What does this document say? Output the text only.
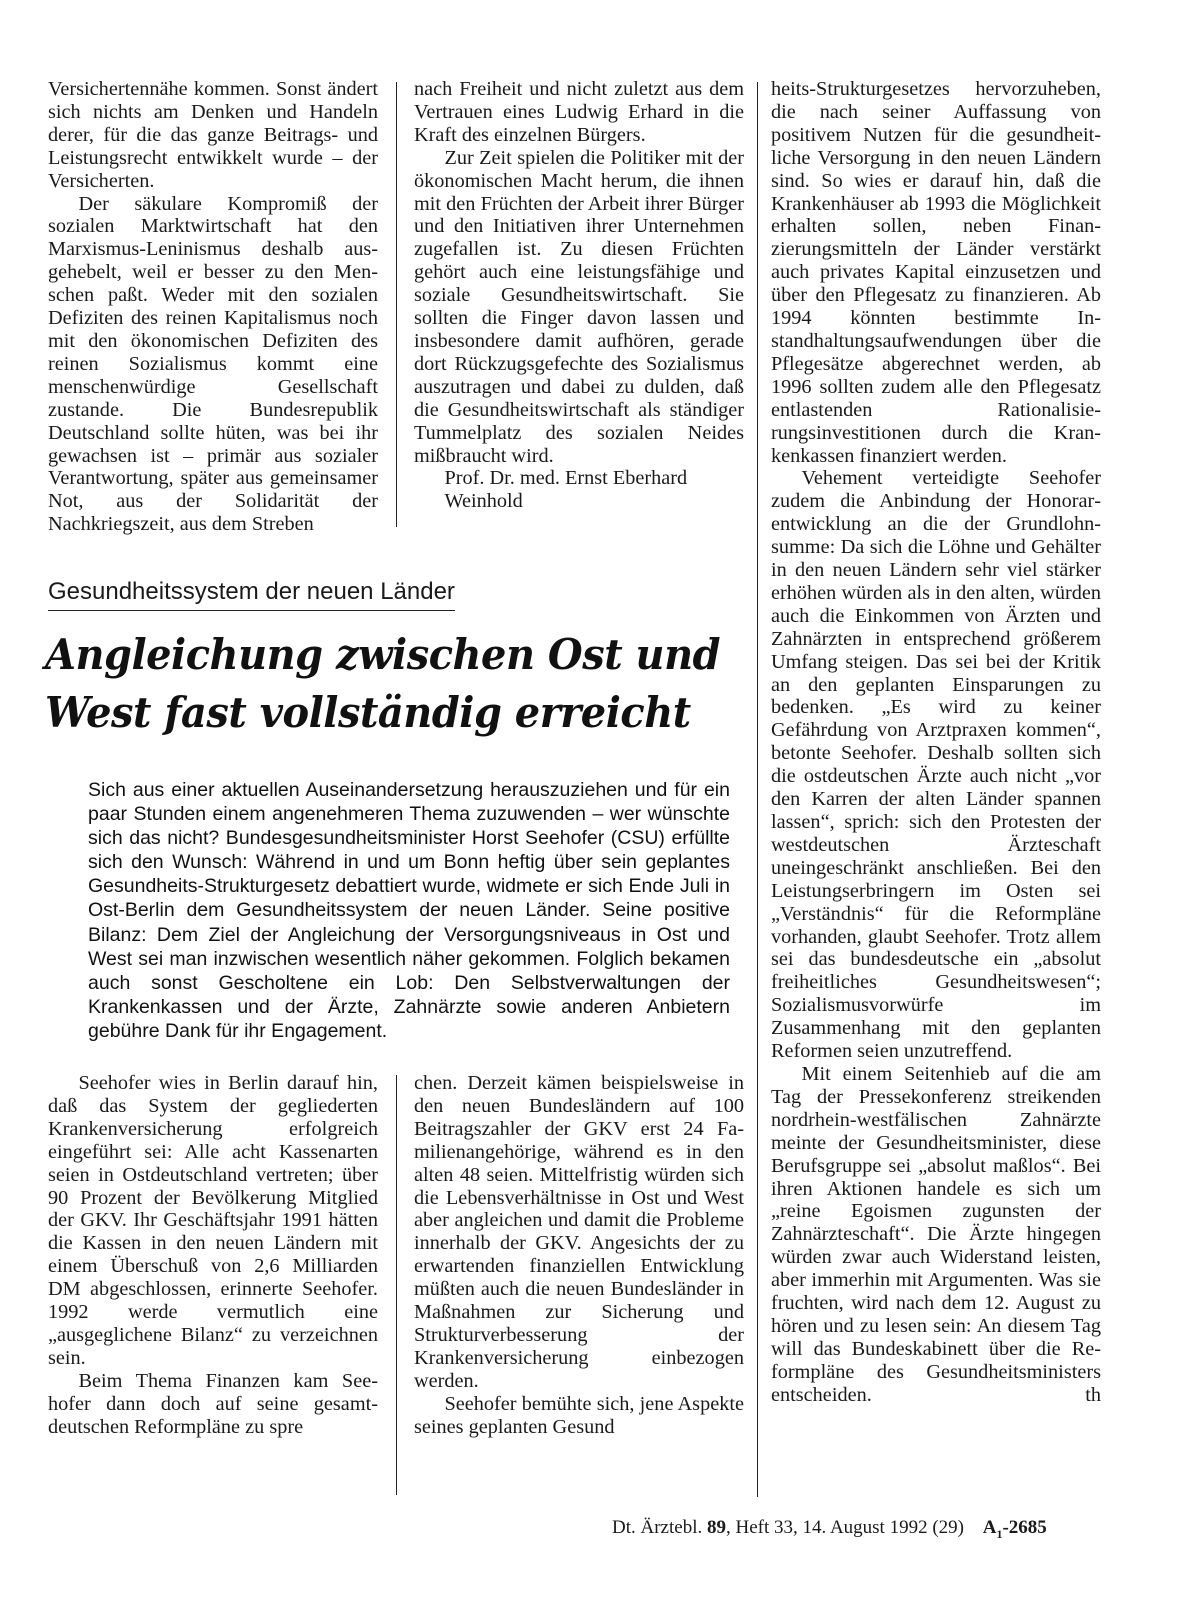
Versichertennähe kommen. Sonst ändert sich nichts am Denken und Handeln derer, für die das ganze Beitrags- und Leistungsrecht entwikkelt wurde – der Versicherten.

Der säkulare Kompromiß der sozialen Marktwirtschaft hat den Marxismus-Leninismus deshalb ausgehebelt, weil er besser zu den Menschen paßt. Weder mit den sozialen Defiziten des reinen Kapitalismus noch mit den ökonomischen Defiziten des reinen Sozialismus kommt eine menschenwürdige Gesellschaft zustande. Die Bundesrepublik Deutschland sollte hüten, was bei ihr gewachsen ist – primär aus sozialer Verantwortung, später aus gemeinsamer Not, aus der Solidarität der Nachkriegszeit, aus dem Streben

nach Freiheit und nicht zuletzt aus dem Vertrauen eines Ludwig Erhard in die Kraft des einzelnen Bürgers.

Zur Zeit spielen die Politiker mit der ökonomischen Macht herum, die ihnen mit den Früchten der Arbeit ihrer Bürger und den Initiativen ihrer Unternehmen zugefallen ist. Zu diesen Früchten gehört auch eine leistungsfähige und soziale Gesundheitswirtschaft. Sie sollten die Finger davon lassen und insbesondere damit aufhören, gerade dort Rückzugsgefechte des Sozialismus auszutragen und dabei zu dulden, daß die Gesundheitswirtschaft als ständiger Tummelplatz des sozialen Neides mißbraucht wird.

Prof. Dr. med. Ernst Eberhard

Weinhold

Gesundheitssystem der neuen Länder
Angleichung zwischen Ost und
West fast vollständig erreicht
Sich aus einer aktuellen Auseinandersetzung herauszuziehen und für ein paar Stunden einem angenehmeren Thema zuzuwenden – wer wünschte sich das nicht? Bundesgesundheitsminister Horst Seehofer (CSU) erfüllte sich den Wunsch: Während in und um Bonn heftig über sein geplantes Gesundheits-Strukturgesetz debattiert wurde, widmete er sich Ende Juli in Ost-Berlin dem Gesundheitssystem der neuen Länder. Seine positive Bilanz: Dem Ziel der Angleichung der Versorgungsniveaus in Ost und West sei man inzwischen wesentlich näher gekommen. Folglich bekamen auch sonst Gescholtene ein Lob: Den Selbstverwaltungen der Krankenkassen und der Ärzte, Zahnärzte sowie anderen Anbietern gebühre Dank für ihr Engagement.

Seehofer wies in Berlin darauf hin, daß das System der gegliederten Krankenversicherung erfolgreich eingeführt sei: Alle acht Kassenarten seien in Ostdeutschland vertreten; über 90 Prozent der Bevölkerung Mitglied der GKV. Ihr Geschäftsjahr 1991 hätten die Kassen in den neuen Ländern mit einem Überschuß von 2,6 Milliarden DM abgeschlossen, erinnerte Seehofer. 1992 werde vermutlich eine „ausgeglichene Bilanz“ zu verzeichnen sein.

Beim Thema Finanzen kam Seehofer dann doch auf seine gesamtdeutschen Reformpläne zu spre

chen. Derzeit kämen beispielsweise in den neuen Bundesländern auf 100 Beitragszahler der GKV erst 24 Familienangehörige, während es in den alten 48 seien. Mittelfristig würden sich die Lebensverhältnisse in Ost und West aber angleichen und damit die Probleme innerhalb der GKV. Angesichts der zu erwartenden finanziellen Entwicklung müßten auch die neuen Bundesländer in Maßnahmen zur Sicherung und Strukturverbesserung der Krankenversicherung einbezogen werden.

Seehofer bemühte sich, jene Aspekte seines geplanten Gesund

heits-Strukturgesetzes hervorzuheben, die nach seiner Auffassung von positivem Nutzen für die gesundheitliche Versorgung in den neuen Ländern sind. So wies er darauf hin, daß die Krankenhäuser ab 1993 die Möglichkeit erhalten sollen, neben Finanzierungsmitteln der Länder verstärkt auch privates Kapital einzusetzen und über den Pflegesatz zu finanzieren. Ab 1994 könnten bestimmte Instandhaltungsaufwendungen über die Pflegesätze abgerechnet werden, ab 1996 sollten zudem alle den Pflegesatz entlastenden Rationalisierungsinvestitionen durch die Krankenkassen finanziert werden.

Vehement verteidigte Seehofer zudem die Anbindung der Honorarentwicklung an die der Grundlohnsumme: Da sich die Löhne und Gehälter in den neuen Ländern sehr viel stärker erhöhen würden als in den alten, würden auch die Einkommen von Ärzten und Zahnärzten in entsprechend größerem Umfang steigen. Das sei bei der Kritik an den geplanten Einsparungen zu bedenken. „Es wird zu keiner Gefährdung von Arztpraxen kommen“, betonte Seehofer. Deshalb sollten sich die ostdeutschen Ärzte auch nicht „vor den Karren der alten Länder spannen lassen“, sprich: sich den Protesten der westdeutschen Ärzteschaft uneingeschränkt anschließen. Bei den Leistungserbringern im Osten sei „Verständnis“ für die Reformpläne vorhanden, glaubt Seehofer. Trotz allem sei das bundesdeutsche ein „absolut freiheitliches Gesundheitswesen“; Sozialismusvorwürfe im Zusammenhang mit den geplanten Reformen seien unzutreffend.

Mit einem Seitenhieb auf die am Tag der Pressekonferenz streikenden nordrhein-westfälischen Zahnärzte meinte der Gesundheitsminister, diese Berufsgruppe sei „absolut maßlos“. Bei ihren Aktionen handele es sich um „reine Egoismen zugunsten der Zahnärzteschaft“. Die Ärzte hingegen würden zwar auch Widerstand leisten, aber immerhin mit Argumenten. Was sie fruchten, wird nach dem 12. August zu hören und zu lesen sein: An diesem Tag will das Bundeskabinett über die Reformpläne des Gesundheitsministers entscheiden.	th

Dt. Ärztebl. 89, Heft 33, 14. August 1992 (29) $A_1-2685$
